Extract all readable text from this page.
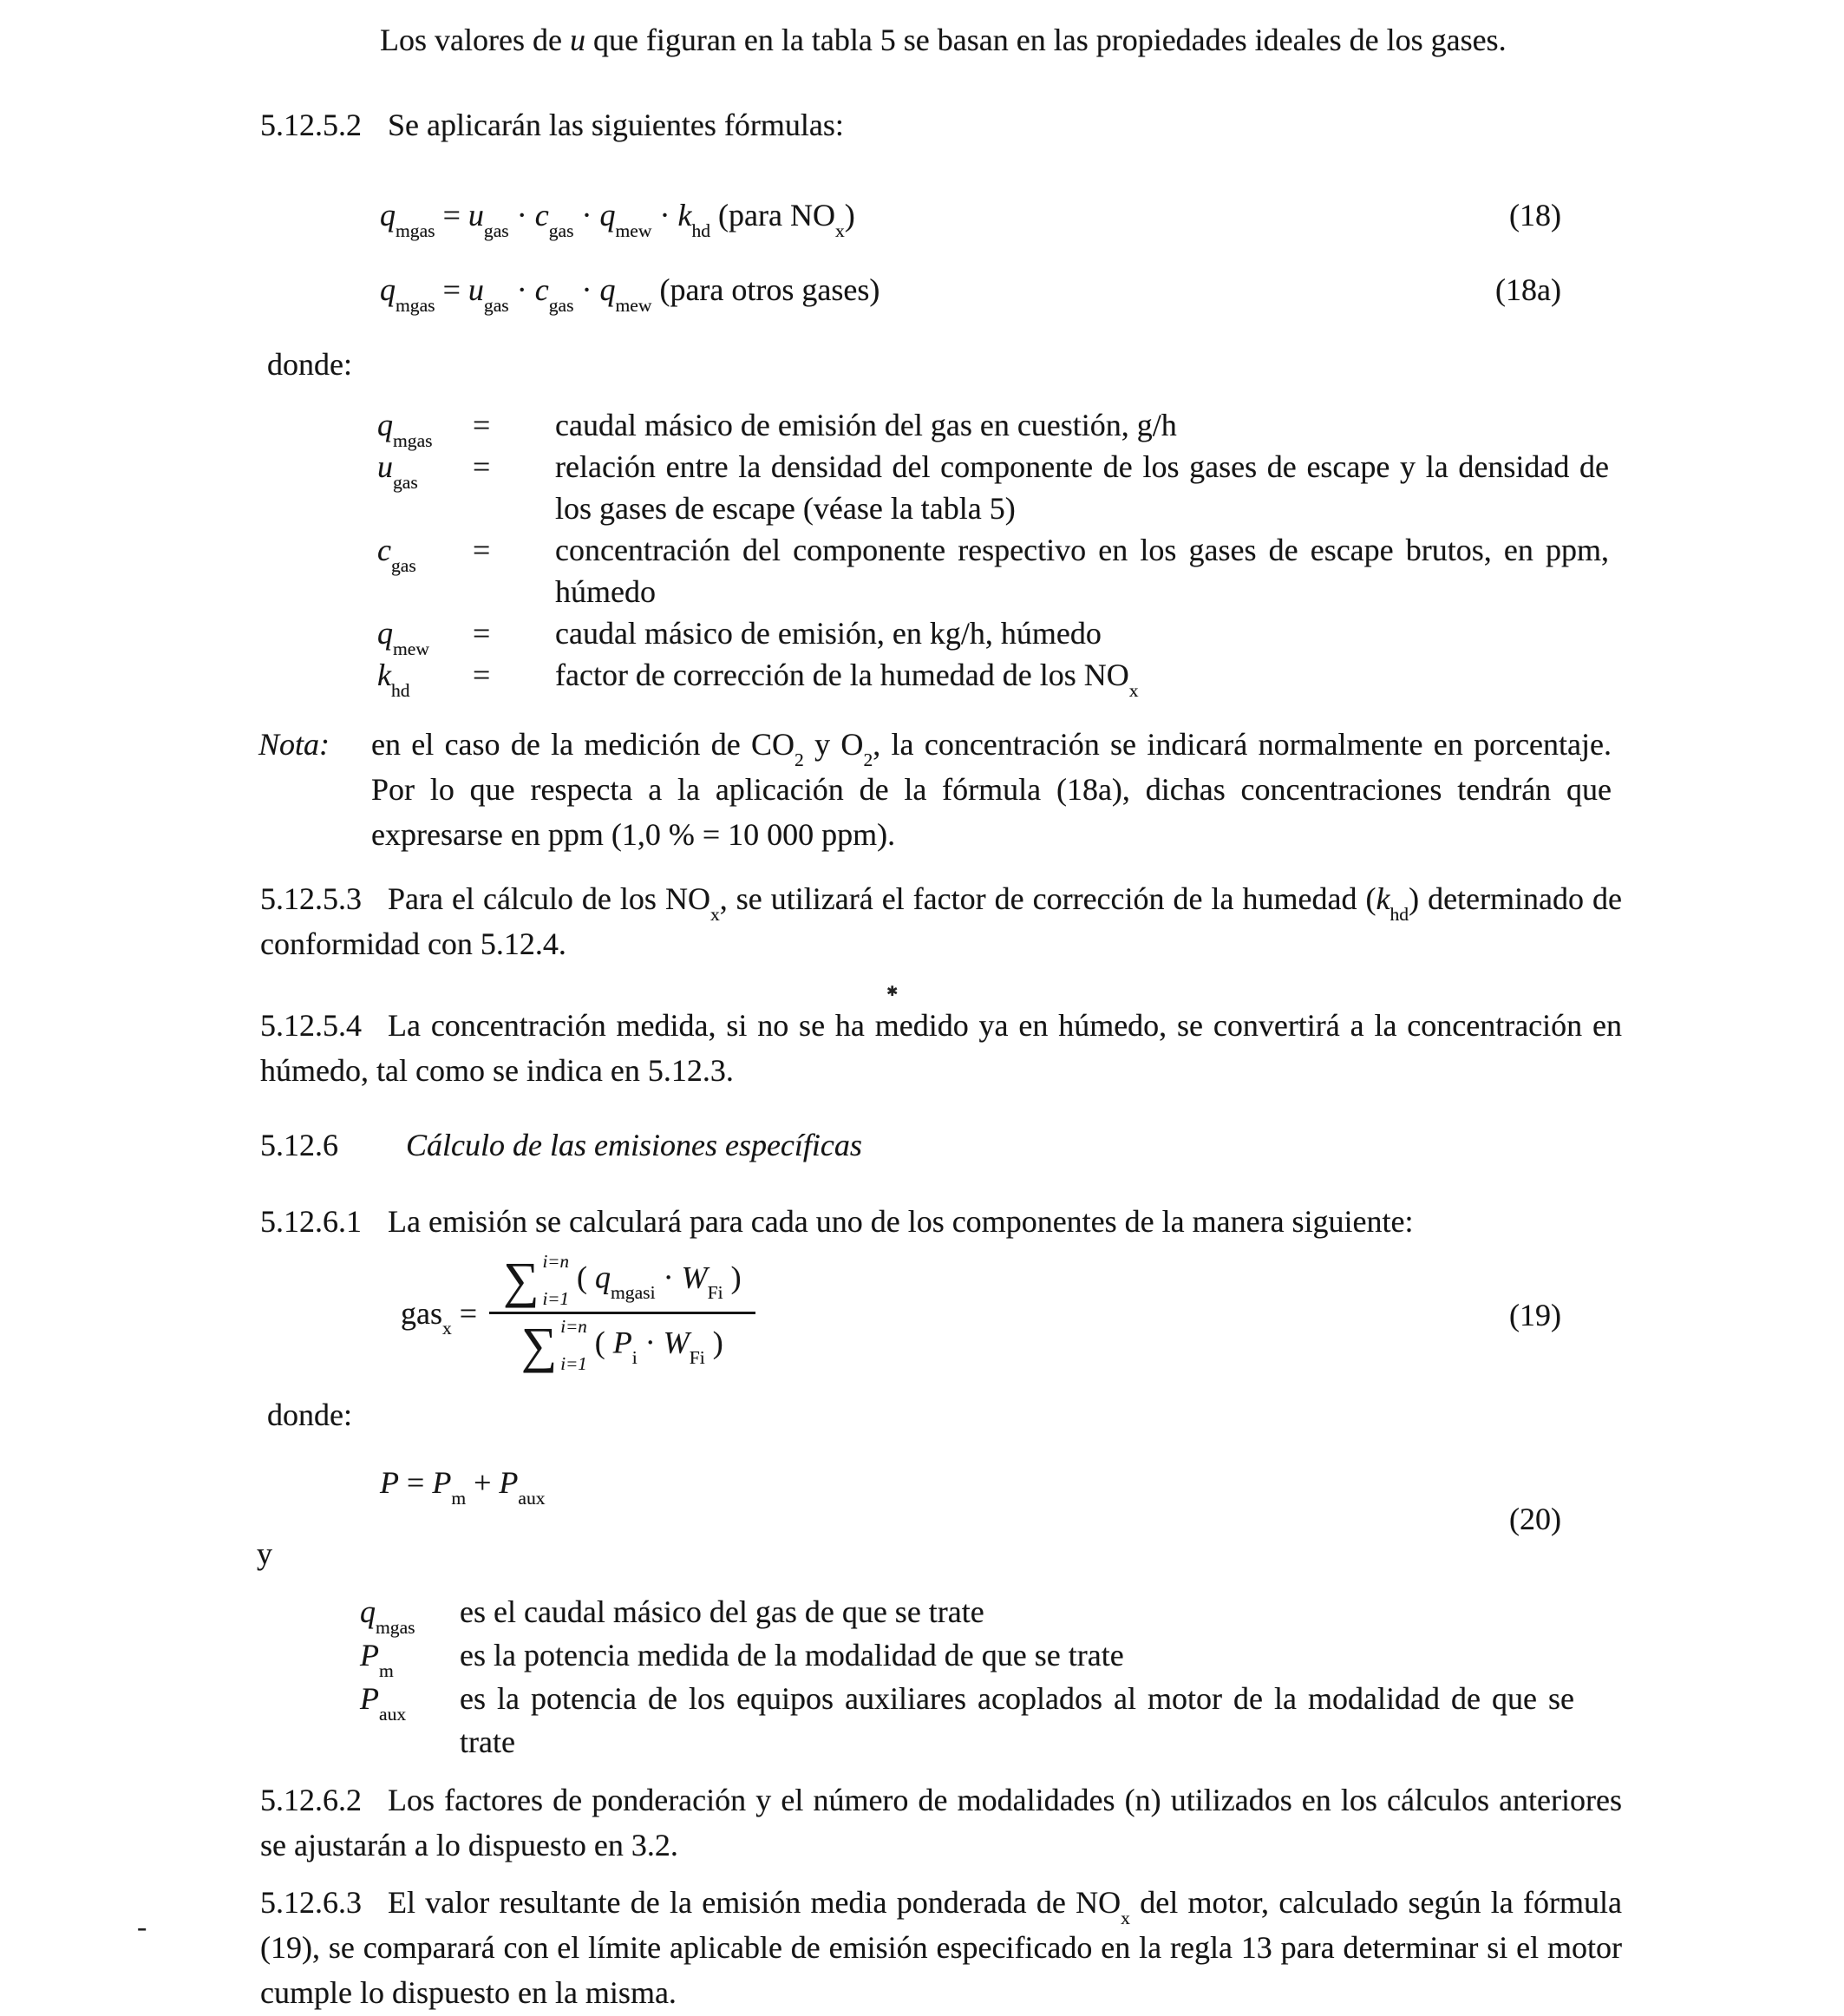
✱
-

Los valores de u que figuran en la tabla 5 se basan en las propiedades ideales de los gases.

5.12.5.2 Se aplicarán las siguientes fórmulas:

$q_{mgas} = u_{gas} \cdot c_{gas} \cdot q_{mew} \cdot k_{hd}$ (para $NO_x$)	(18)
$q_{mgas} = u_{gas} \cdot c_{gas} \cdot q_{mew}$ (para otros gases)	(18a)

donde:

$q_{mgas}$	=	caudal másico de emisión del gas en cuestión, g/h
$u_{gas}$	=	relación entre la densidad del componente de los gases de escape y la densidad de los gases de escape (véase la tabla 5)
$c_{gas}$	=	concentración del componente respectivo en los gases de escape brutos, en ppm, húmedo
$q_{mew}$	=	caudal másico de emisión, en kg/h, húmedo
$k_{hd}$	=	factor de corrección de la humedad de los $NO_x$
Nota:	en el caso de la medición de $CO_2$ y $O_2$, la concentración se indicará normalmente en porcentaje. Por lo que respecta a la aplicación de la fórmula (18a), dichas concentraciones tendrán que expresarse en ppm (1,0 % = 10 000 ppm).

5.12.5.3 Para el cálculo de los $NO_x$, se utilizará el factor de corrección de la humedad $(k_{hd})$ determinado de conformidad con 5.12.4.

5.12.5.4 La concentración medida, si no se ha medido ya en húmedo, se convertirá a la concentración en húmedo, tal como se indica en 5.12.3.

5.12.6 Cálculo de las emisiones específicas

5.12.6.1 La emisión se calculará para cada uno de los componentes de la manera siguiente:

gas$_x$ = ∑ i=n
i=1
( $q_{mgasi} \cdot W_{Fi}$ )
∑ i=n
i=1
( $P_i \cdot W_{Fi}$ )	(19)

donde:

$P = P_m + P_{aux}$
(20)

y

$q_{mgas}$	es el caudal másico del gas de que se trate
$P_m$	es la potencia medida de la modalidad de que se trate
$P_{aux}$	es la potencia de los equipos auxiliares acoplados al motor de la modalidad de que se trate

5.12.6.2 Los factores de ponderación y el número de modalidades (n) utilizados en los cálculos anteriores se ajustarán a lo dispuesto en 3.2.

5.12.6.3 El valor resultante de la emisión media ponderada de $NO_x$ del motor, calculado según la fórmula (19), se comparará con el límite aplicable de emisión especificado en la regla 13 para determinar si el motor cumple lo dispuesto en la misma.
